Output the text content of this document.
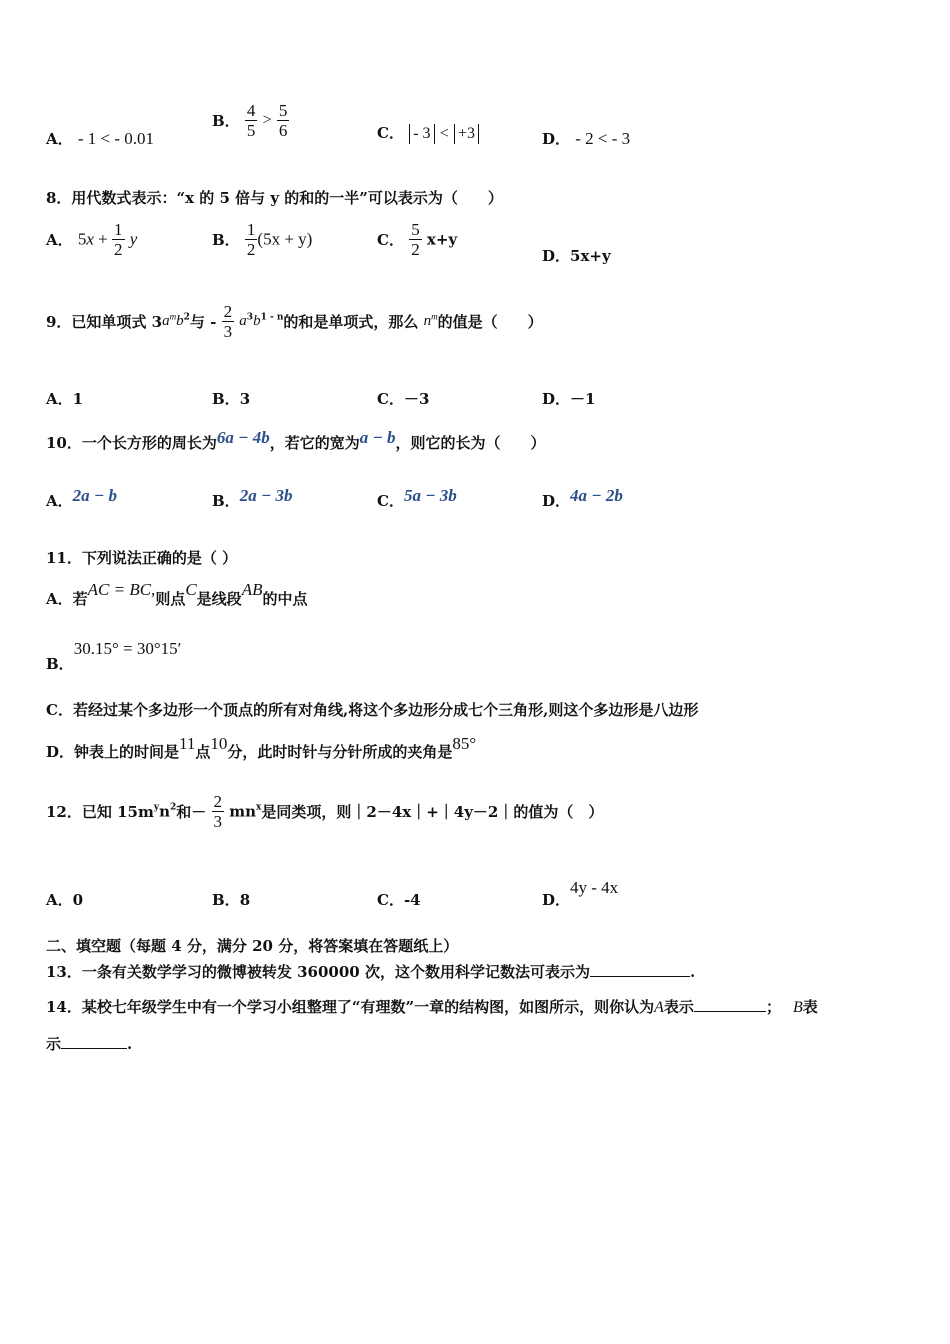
A． - 1 < - 0.01
B． $\frac{4}{5} > \frac{5}{6}$	C． - 3 < +3	D． - 2 < - 3
8．用代数式表示：“x 的 5 倍与 y 的和的一半”可以表示为（　　）
A． $5x + \frac{1}{2}$ y	B． $\frac{1}{2} (5x + y)$	C． $\frac{5}{2} x+y$
D．5x+y
9．已知单项式 $3a^mb^2$与 - $\frac{2}{3} a^3b^{1 - n}$的和是单项式，那么 $n^m$的值是（　　）
A．1	B．3	C．－3	D．－1
10．一个长方形的周长为6a − 4b，若它的宽为a − b，则它的长为（　　）
A．2a − b	B．2a − 3b	C．5a − 3b	D．4a − 2b
11．下列说法正确的是（ ）
A．若AC = BC,则点C是线段AB的中点
B．30.15° = 30°15′
C．若经过某个多边形一个顶点的所有对角线,将这个多边形分成七个三角形,则这个多边形是八边形
D．钟表上的时间是11点10分，此时时针与分针所成的夹角是85°
12．已知 $15m^yn^2$和－ $\frac{2}{3} mn^x$是同类项，则｜2－4x｜+｜4y－2｜的值为（　）
A．0	B．8	C．-4	D．4y - 4x
二、填空题（每题 4 分，满分 20 分，将答案填在答题纸上）
13．一条有关数学学习的微博被转发 360000 次，这个数用科学记数法可表示为	.
14．某校七年级学生中有一个学习小组整理了“有理数”一章的结构图，如图所示，则你认为A表示	； B表
示	.
